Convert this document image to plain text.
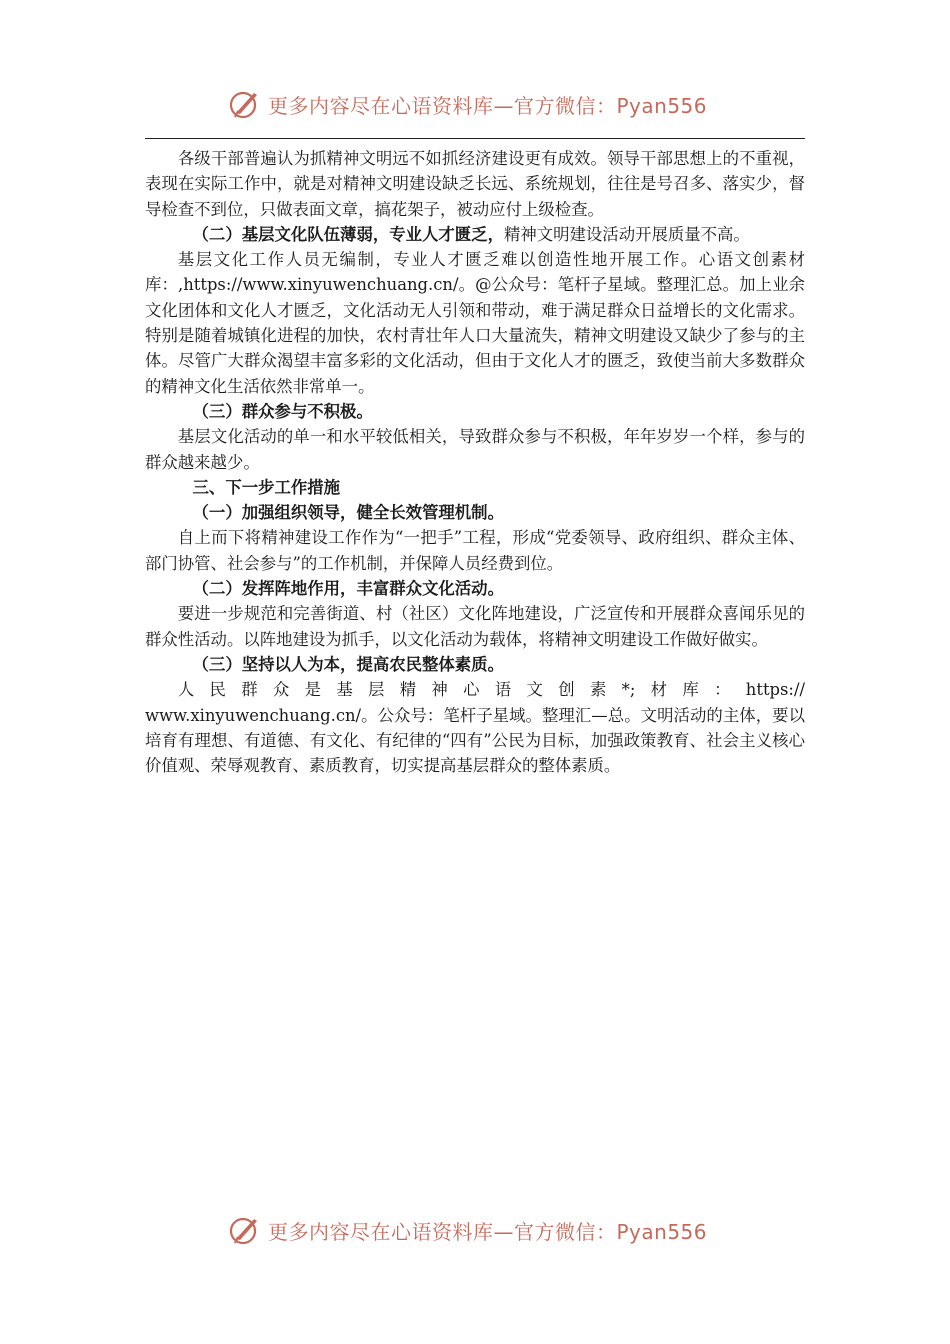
更多内容尽在心语资料库—官方微信：Pyan556

各级干部普遍认为抓精神文明远不如抓经济建设更有成效。领导干部思想上的不重视，表现在实际工作中，就是对精神文明建设缺乏长远、系统规划，往往是号召多、落实少，督导检查不到位，只做表面文章，搞花架子，被动应付上级检查。

（二）基层文化队伍薄弱，专业人才匮乏，精神文明建设活动开展质量不高。

基层文化工作人员无编制，专业人才匮乏难以创造性地开展工作。心语文创素材库：,https://www.xinyuwenchuang.cn/。@公众号：笔杆子星域。整理汇总。加上业余文化团体和文化人才匮乏，文化活动无人引领和带动，难于满足群众日益增长的文化需求。特别是随着城镇化进程的加快，农村青壮年人口大量流失，精神文明建设又缺少了参与的主体。尽管广大群众渴望丰富多彩的文化活动，但由于文化人才的匮乏，致使当前大多数群众的精神文化生活依然非常单一。

（三）群众参与不积极。

基层文化活动的单一和水平较低相关，导致群众参与不积极，年年岁岁一个样，参与的群众越来越少。

三、下一步工作措施

（一）加强组织领导，健全长效管理机制。

自上而下将精神建设工作作为“一把手”工程，形成“党委领导、政府组织、群众主体、部门协管、社会参与”的工作机制，并保障人员经费到位。

（二）发挥阵地作用，丰富群众文化活动。

要进一步规范和完善街道、村（社区）文化阵地建设，广泛宣传和开展群众喜闻乐见的群众性活动。以阵地建设为抓手，以文化活动为载体，将精神文明建设工作做好做实。

（三）坚持以人为本，提高农民整体素质。

人民群众是基层精神心语文创素*;材库：https://

www.xinyuwenchuang.cn/。公众号：笔杆子星域。整理汇—总。文明活动的主体，要以培育有理想、有道德、有文化、有纪律的“四有”公民为目标，加强政策教育、社会主义核心价值观、荣辱观教育、素质教育，切实提高基层群众的整体素质。

更多内容尽在心语资料库—官方微信：Pyan556
